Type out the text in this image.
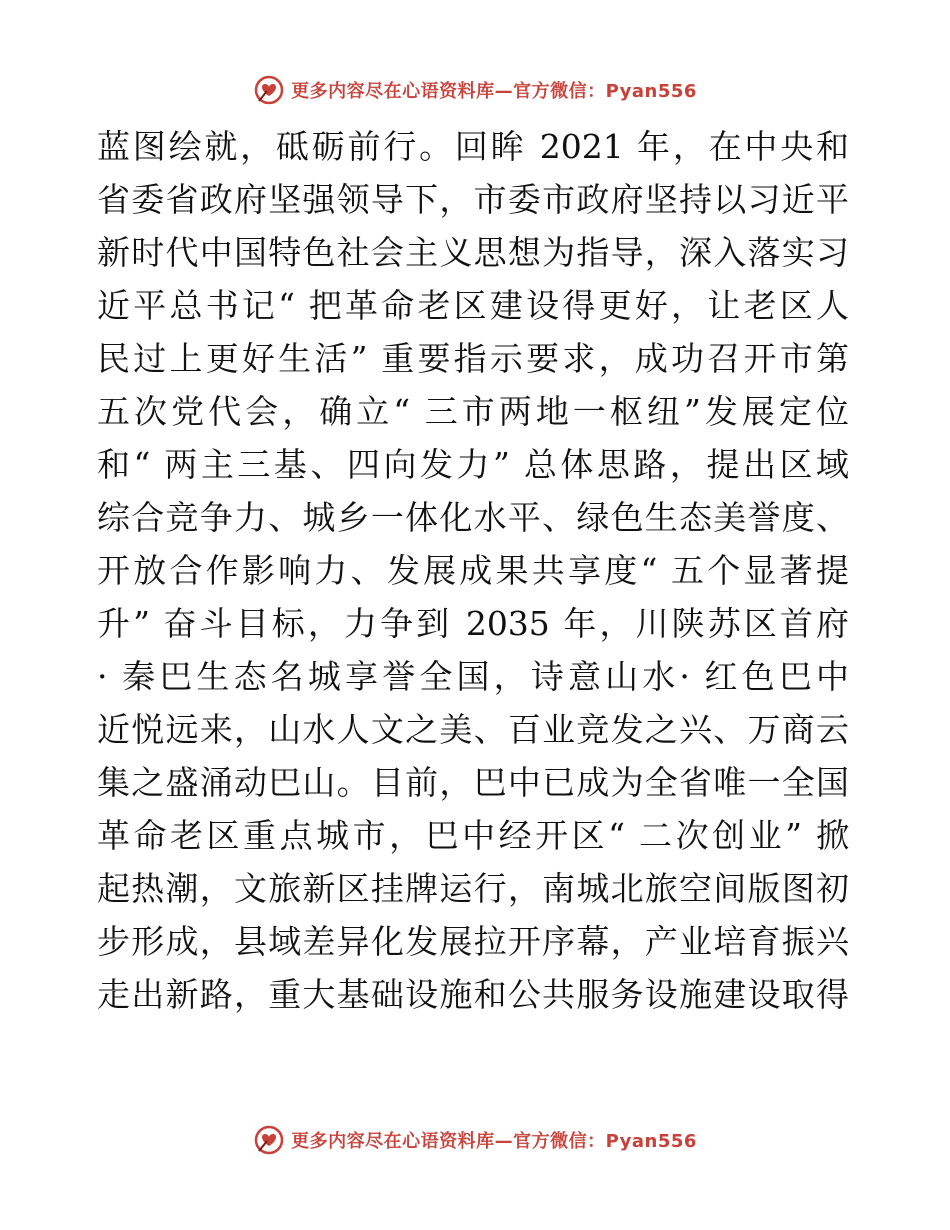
更多内容尽在心语资料库—官方微信：Pyan556
蓝图绘就，砥砺前行。回眸 2021 年，在中央和
省委省政府坚强领导下，市委市政府坚持以习近平
新时代中国特色社会主义思想为指导，深入落实习
近平总书记“ 把革命老区建设得更好，让老区人
民过上更好生活” 重要指示要求，成功召开市第
五次党代会，确立“ 三市两地一枢纽”发展定位
和“ 两主三基、四向发力” 总体思路，提出区域
综合竞争力、城乡一体化水平、绿色生态美誉度、
开放合作影响力、发展成果共享度“ 五个显著提
升” 奋斗目标，力争到 2035 年，川陕苏区首府
· 秦巴生态名城享誉全国，诗意山水· 红色巴中
近悦远来，山水人文之美、百业竞发之兴、万商云
集之盛涌动巴山。目前，巴中已成为全省唯一全国
革命老区重点城市，巴中经开区“ 二次创业” 掀
起热潮，文旅新区挂牌运行，南城北旅空间版图初
步形成，县域差异化发展拉开序幕，产业培育振兴
走出新路，重大基础设施和公共服务设施建设取得
更多内容尽在心语资料库—官方微信：Pyan556
